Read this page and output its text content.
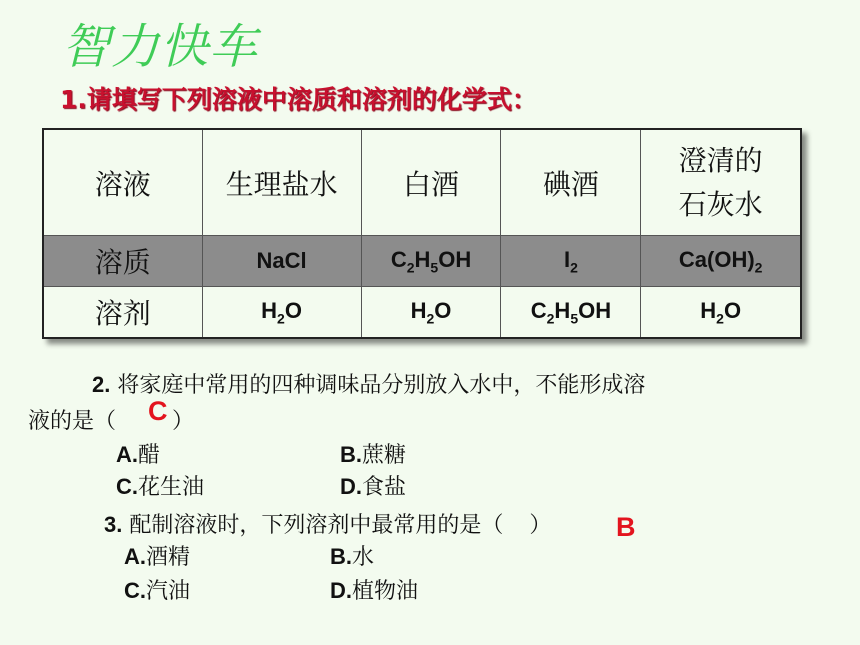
智力快车
1.请填写下列溶液中溶质和溶剂的化学式：
溶液	生理盐水	白酒	碘酒	澄清的
石灰水
溶质	NaCl	$C_2H_5OH$	$I_2$	$Ca(OH)_2$
溶剂	$H_2O$	$H_2O$	$C_2H_5OH$	$H_2O$
2. 将家庭中常用的四种调味品分别放入水中，不能形成溶
液的是（	）
C
A.醋	B.蔗糖
C.花生油	D.食盐
3. 配制溶液时，下列溶剂中最常用的是（ ） B
A.酒精	B.水
C.汽油	D.植物油
